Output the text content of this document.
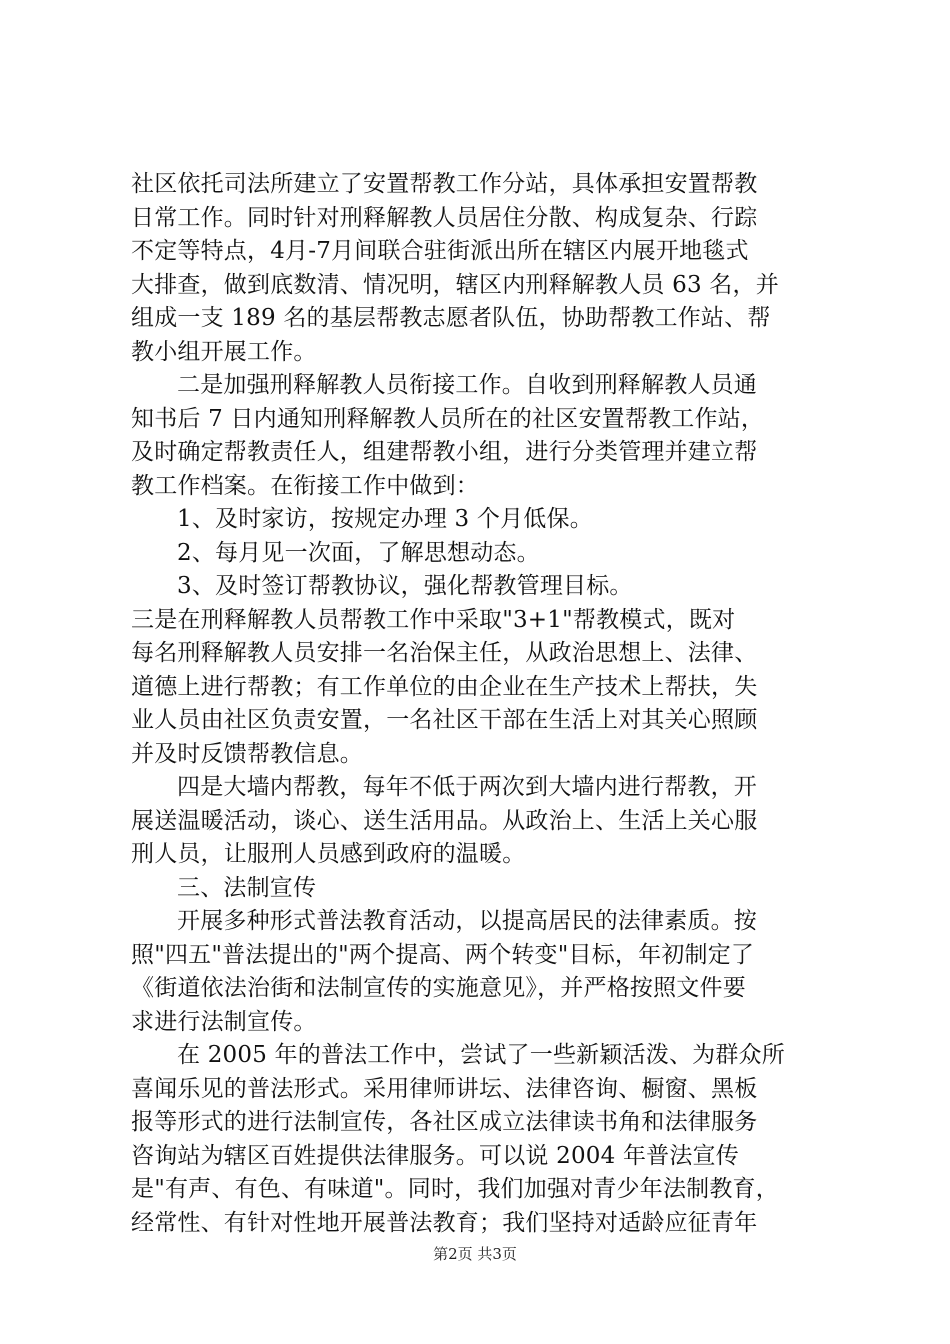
社区依托司法所建立了安置帮教工作分站，具体承担安置帮教
日常工作。同时针对刑释解教人员居住分散、构成复杂、行踪
不定等特点，4月-7月间联合驻街派出所在辖区内展开地毯式
大排查，做到底数清、情况明，辖区内刑释解教人员 63 名，并
组成一支 189 名的基层帮教志愿者队伍，协助帮教工作站、帮
教小组开展工作。
二是加强刑释解教人员衔接工作。自收到刑释解教人员通
知书后 7 日内通知刑释解教人员所在的社区安置帮教工作站，
及时确定帮教责任人，组建帮教小组，进行分类管理并建立帮
教工作档案。在衔接工作中做到：
1、及时家访，按规定办理 3 个月低保。
2、每月见一次面，了解思想动态。
3、及时签订帮教协议，强化帮教管理目标。
三是在刑释解教人员帮教工作中采取"3+1"帮教模式，既对
每名刑释解教人员安排一名治保主任，从政治思想上、法律、
道德上进行帮教；有工作单位的由企业在生产技术上帮扶，失
业人员由社区负责安置，一名社区干部在生活上对其关心照顾
并及时反馈帮教信息。
四是大墙内帮教，每年不低于两次到大墙内进行帮教，开
展送温暖活动，谈心、送生活用品。从政治上、生活上关心服
刑人员，让服刑人员感到政府的温暖。
三、法制宣传
开展多种形式普法教育活动，以提高居民的法律素质。按
照"四五"普法提出的"两个提高、两个转变"目标，年初制定了
《街道依法治街和法制宣传的实施意见》，并严格按照文件要
求进行法制宣传。
在 2005 年的普法工作中，尝试了一些新颖活泼、为群众所
喜闻乐见的普法形式。采用律师讲坛、法律咨询、橱窗、黑板
报等形式的进行法制宣传，各社区成立法律读书角和法律服务
咨询站为辖区百姓提供法律服务。可以说 2004 年普法宣传
是"有声、有色、有味道"。同时，我们加强对青少年法制教育，
经常性、有针对性地开展普法教育；我们坚持对适龄应征青年
第2页 共3页
